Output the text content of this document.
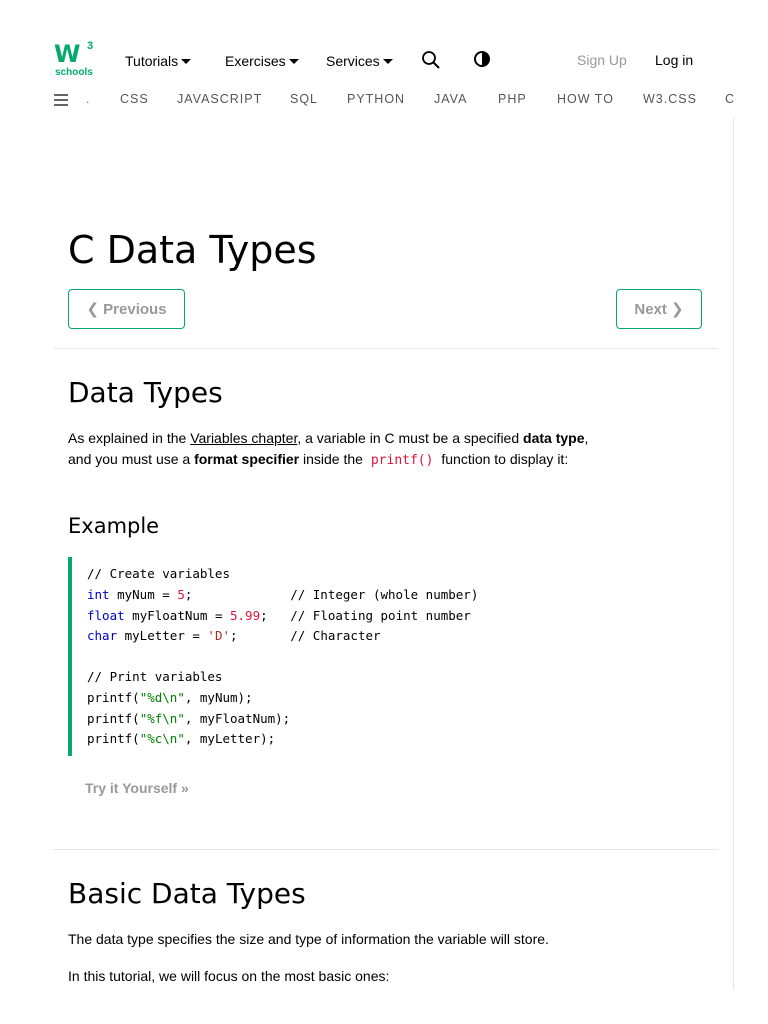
W 3
schools
Tutorials	Exercises	Services	Sign Up Log in
. CSS JAVASCRIPT SQL PYTHON JAVA PHP HOW TO W3.CSS C
C Data Types
❮ Previous	Next ❯
Data Types

As explained in the Variables chapter, a variable in C must be a specified data type,
and you must use a format specifier inside the printf() function to display it:

Example
// Create variables
int myNum = 5;             // Integer (whole number)
float myFloatNum = 5.99;   // Floating point number
char myLetter = 'D';       // Character
// Print variables
printf("%d\n", myNum);
printf("%f\n", myFloatNum);
printf("%c\n", myLetter);
Try it Yourself »
Basic Data Types

The data type specifies the size and type of information the variable will store.

In this tutorial, we will focus on the most basic ones:
